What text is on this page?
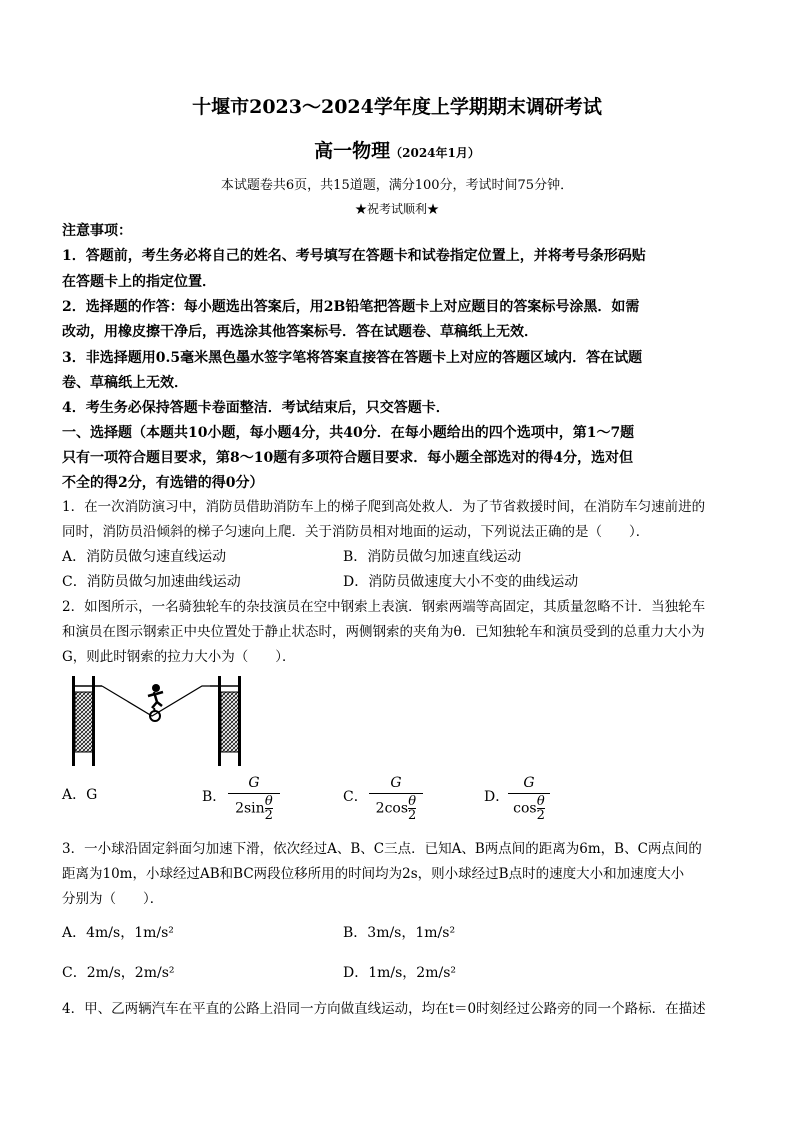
十堰市2023～2024学年度上学期期末调研考试
高一物理（2024年1月）
本试题卷共6页，共15道题，满分100分，考试时间75分钟．
★祝考试顺利★
注意事项：
1．答题前，考生务必将自己的姓名、考号填写在答题卡和试卷指定位置上，并将考号条形码贴
在答题卡上的指定位置．
2．选择题的作答：每小题选出答案后，用2B铅笔把答题卡上对应题目的答案标号涂黑．如需
改动，用橡皮擦干净后，再选涂其他答案标号．答在试题卷、草稿纸上无效．
3．非选择题用0.5毫米黑色墨水签字笔将答案直接答在答题卡上对应的答题区域内．答在试题
卷、草稿纸上无效．
4．考生务必保持答题卡卷面整洁．考试结束后，只交答题卡．
一、选择题（本题共10小题，每小题4分，共40分．在每小题给出的四个选项中，第1～7题
只有一项符合题目要求，第8～10题有多项符合题目要求．每小题全部选对的得4分，选对但
不全的得2分，有选错的得0分）
1．在一次消防演习中，消防员借助消防车上的梯子爬到高处救人．为了节省救援时间，在消防车匀速前进的
同时，消防员沿倾斜的梯子匀速向上爬．关于消防员相对地面的运动，下列说法正确的是（　　）．
A．消防员做匀速直线运动	B．消防员做匀加速直线运动
C．消防员做匀加速曲线运动	D．消防员做速度大小不变的曲线运动
2．如图所示，一名骑独轮车的杂技演员在空中钢索上表演．钢索两端等高固定，其质量忽略不计．当独轮车
和演员在图示钢索正中央位置处于静止状态时，两侧钢索的夹角为θ．已知独轮车和演员受到的总重力大小为
G，则此时钢索的拉力大小为（　　）．
A．G	B．
G
$2\sin \frac{\theta}{2}$	C．
G
$2\cos \frac{\theta}{2}$	D．
G
$\cos \frac{\theta}{2}$
3．一小球沿固定斜面匀加速下滑，依次经过A、B、C三点．已知A、B两点间的距离为6m，B、C两点间的
距离为10m，小球经过AB和BC两段位移所用的时间均为2s，则小球经过B点时的速度大小和加速度大小
分别为（　　）．
A．4m/s，1m/s²	B．3m/s，1m/s²
C．2m/s，2m/s²	D．1m/s，2m/s²
4．甲、乙两辆汽车在平直的公路上沿同一方向做直线运动，均在t＝0时刻经过公路旁的同一个路标．在描述
